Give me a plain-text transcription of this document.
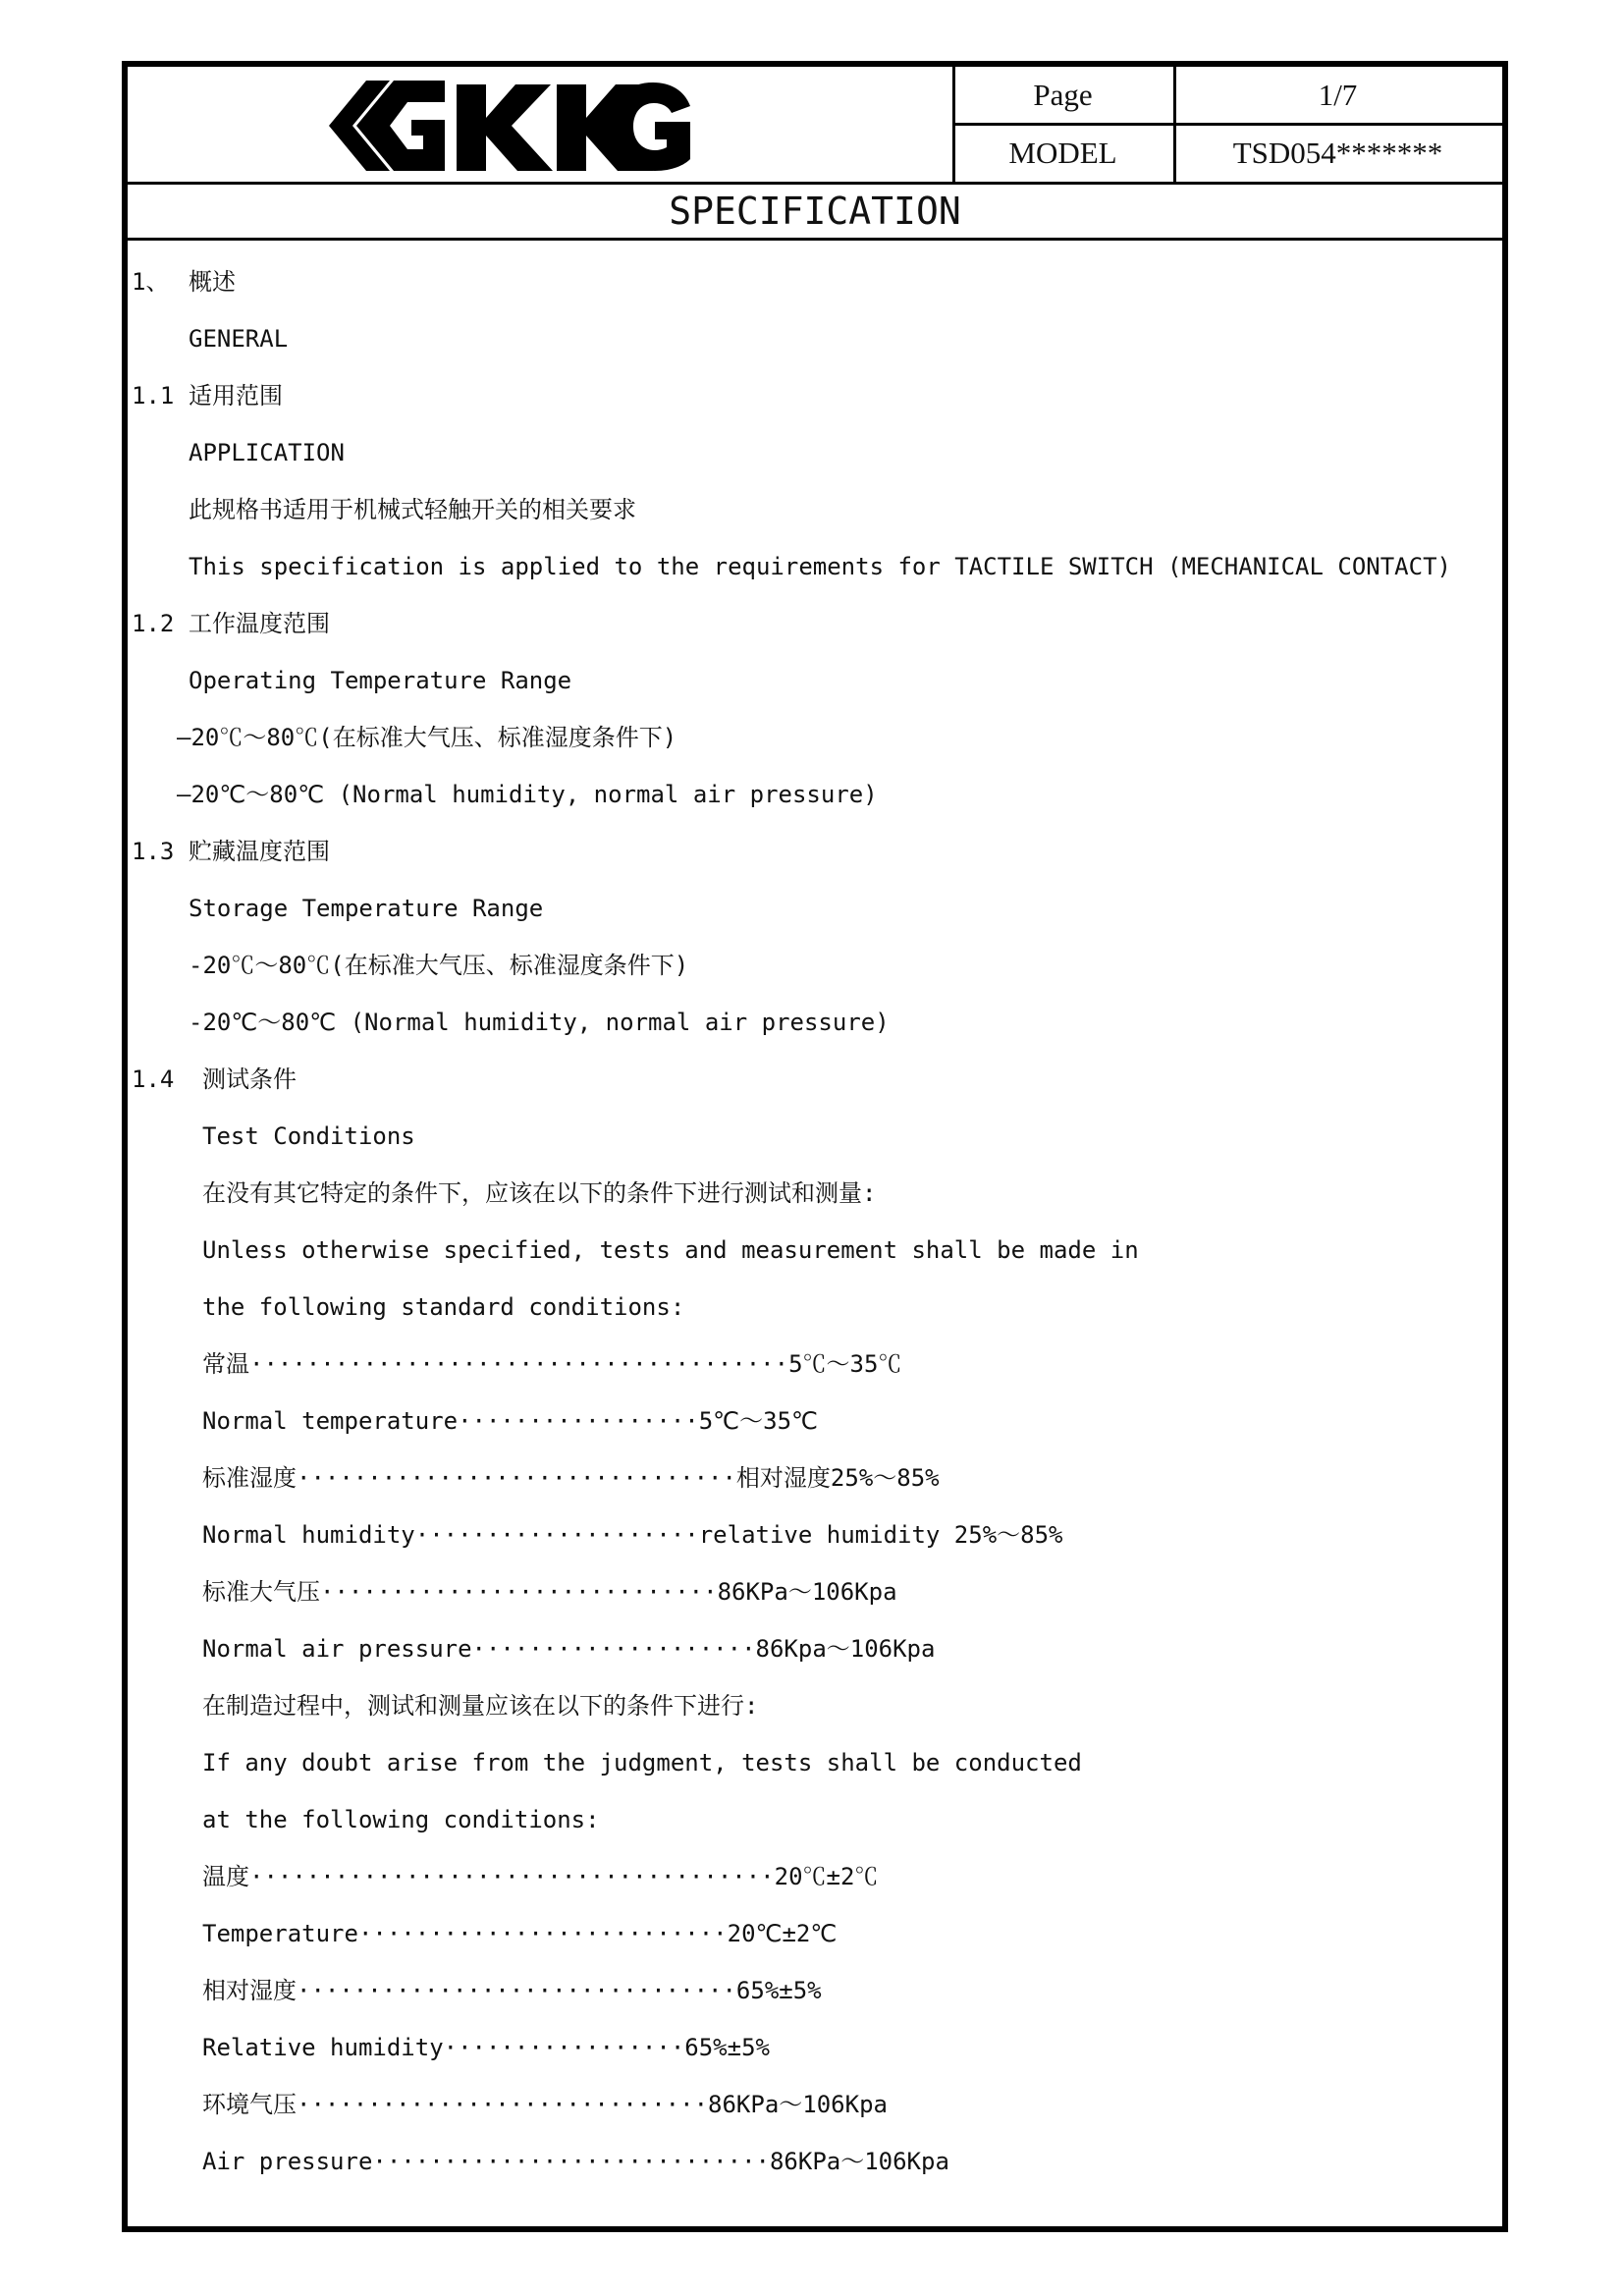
Page	1/7
MODEL	TSD054*******
SPECIFICATION
1、 概述
GENERAL
1.1 适用范围
APPLICATION
此规格书适用于机械式轻触开关的相关要求
This specification is applied to the requirements for TACTILE SWITCH (MECHANICAL CONTACT)
1.2 工作温度范围
Operating Temperature Range
—20℃～80℃(在标准大气压、标准湿度条件下)
—20℃～80℃ (Normal humidity, normal air pressure)
1.3 贮藏温度范围
Storage Temperature Range
-20℃～80℃(在标准大气压、标准湿度条件下)
-20℃～80℃ (Normal humidity, normal air pressure)
1.4 测试条件
Test Conditions
在没有其它特定的条件下，应该在以下的条件下进行测试和测量:
Unless otherwise specified, tests and measurement shall be made in
the following standard conditions:
常温······································5℃～35℃
Normal temperature·················5℃～35℃
标准湿度·······························相对湿度25%～85%
Normal humidity····················relative humidity 25%～85%
标准大气压····························86KPa～106Kpa
Normal air pressure····················86Kpa～106Kpa
在制造过程中，测试和测量应该在以下的条件下进行:
If any doubt arise from the judgment, tests shall be conducted
at the following conditions:
温度·····································20℃±2℃
Temperature··························20℃±2℃
相对湿度·······························65%±5%
Relative humidity·················65%±5%
环境气压·····························86KPa～106Kpa
Air pressure····························86KPa～106Kpa
